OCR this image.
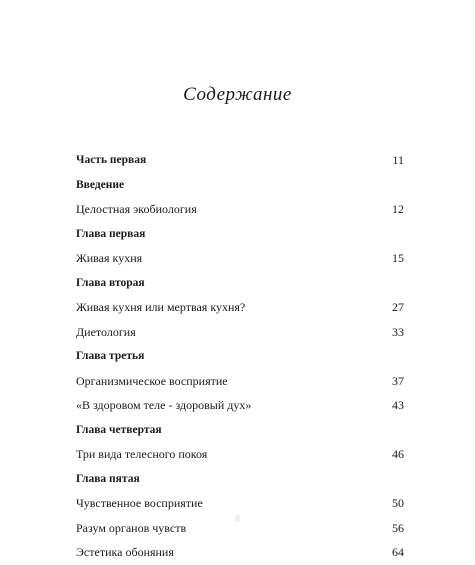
Содержание
Часть первая	11
Введение
Целостная экобиология	12
Глава первая
Живая кухня	15
Глава вторая
Живая кухня или мертвая кухня?	27
Диетология	33
Глава третья
Организмическое восприятие	37
«В здоровом теле - здоровый дух»	43
Глава четвертая
Три вида телесного покоя	46
Глава пятая
Чувственное восприятие	50
Разум органов чувств	56
Эстетика обоняния	64
8
